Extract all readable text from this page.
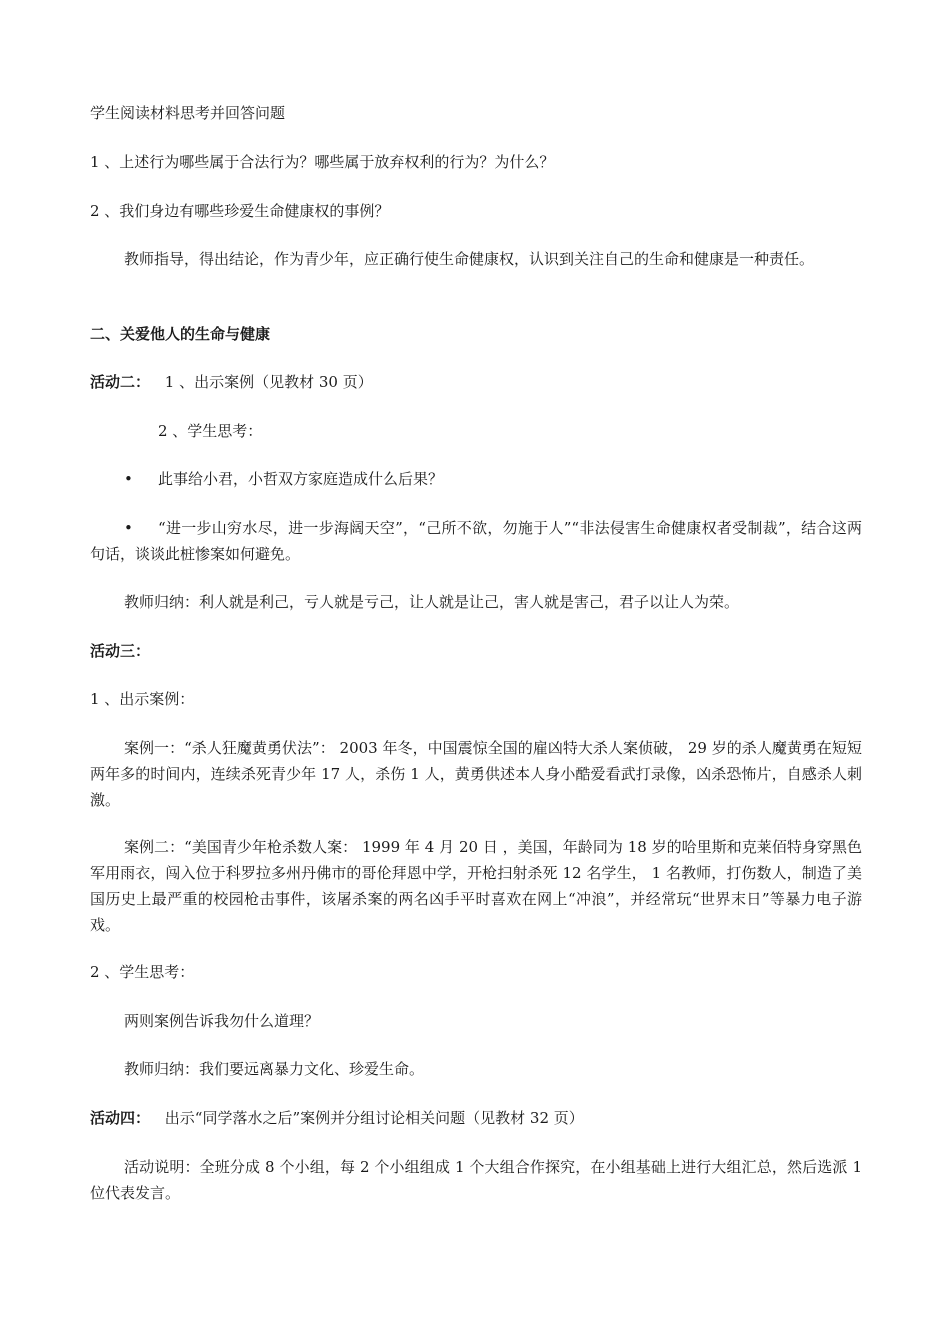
学生阅读材料思考并回答问题

1 、上述行为哪些属于合法行为？哪些属于放弃权利的行为？为什么？

2 、我们身边有哪些珍爱生命健康权的事例？

教师指导，得出结论，作为青少年，应正确行使生命健康权，认识到关注自己的生命和健康是一种责任。

二、关爱他人的生命与健康

活动二： 1 、出示案例（见教材 30 页）

2 、学生思考：

• 此事给小君，小哲双方家庭造成什么后果？

• “进一步山穷水尽，进一步海阔天空”，“己所不欲，勿施于人”“非法侵害生命健康权者受制裁”，结合这两句话，谈谈此桩惨案如何避免。

教师归纳：利人就是利己，亏人就是亏己，让人就是让己，害人就是害己，君子以让人为荣。

活动三：

1 、出示案例：

案例一：“杀人狂魔黄勇伏法”： 2003 年冬，中国震惊全国的雇凶特大杀人案侦破， 29 岁的杀人魔黄勇在短短两年多的时间内，连续杀死青少年 17 人，杀伤 1 人，黄勇供述本人身小酷爱看武打录像，凶杀恐怖片，自感杀人刺激。

案例二：“美国青少年枪杀数人案： 1999 年 4 月 20 日 ，美国，年龄同为 18 岁的哈里斯和克莱佰特身穿黑色军用雨衣，闯入位于科罗拉多州丹佛市的哥伦拜恩中学，开枪扫射杀死 12 名学生， 1 名教师，打伤数人，制造了美国历史上最严重的校园枪击事件，该屠杀案的两名凶手平时喜欢在网上“冲浪”，并经常玩“世界末日”等暴力电子游戏。

2 、学生思考：

两则案例告诉我勿什么道理？

教师归纳：我们要远离暴力文化、珍爱生命。

活动四： 出示“同学落水之后”案例并分组讨论相关问题（见教材 32 页）

活动说明：全班分成 8 个小组，每 2 个小组组成 1 个大组合作探究，在小组基础上进行大组汇总，然后选派 1 位代表发言。
